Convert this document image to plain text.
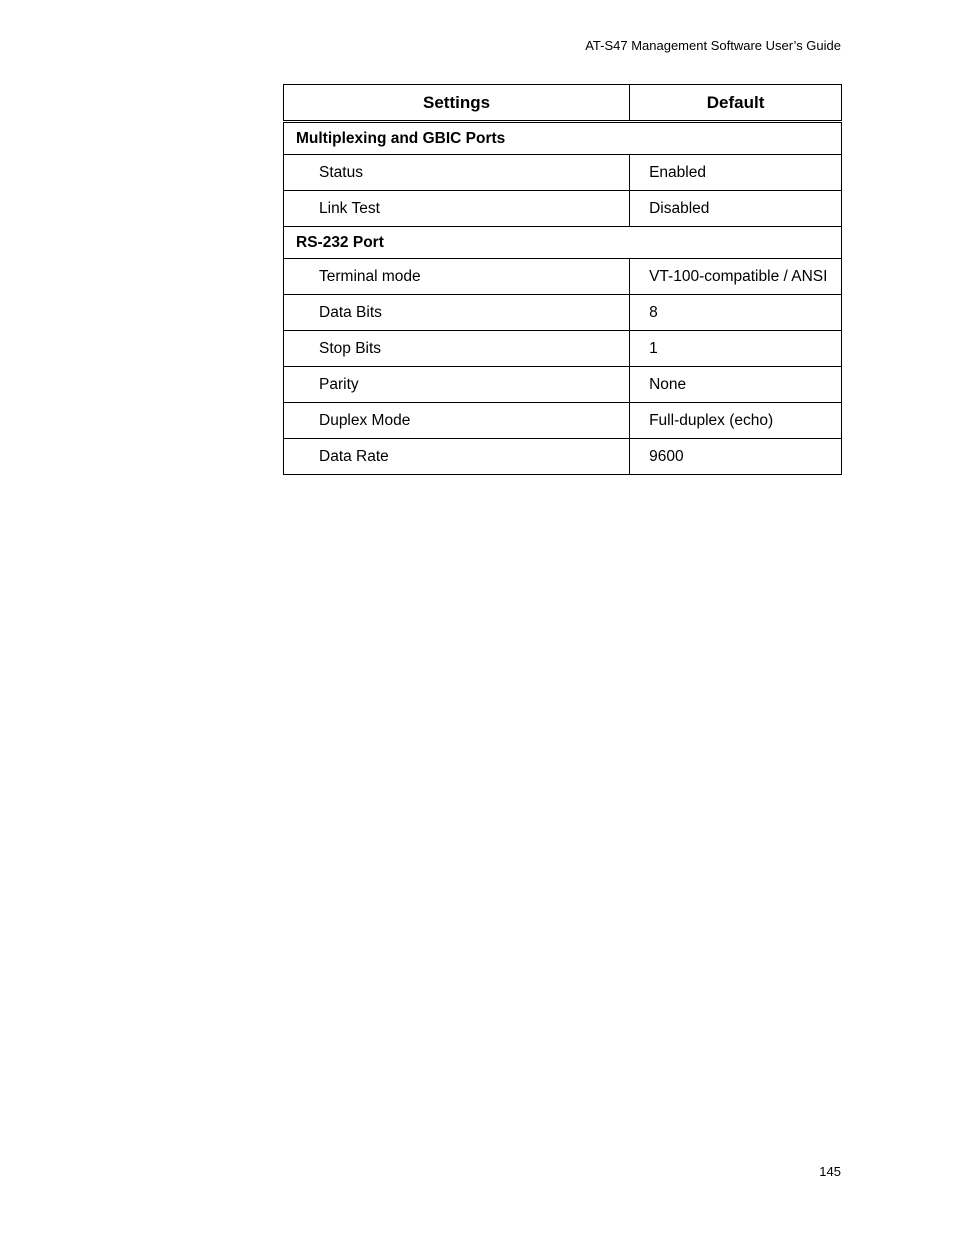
AT-S47 Management Software User’s Guide
Settings	Default
Multiplexing and GBIC Ports	
Status	Enabled
Link Test	Disabled
RS-232 Port	
Terminal mode	VT-100-compatible / ANSI
Data Bits	8
Stop Bits	1
Parity	None
Duplex Mode	Full-duplex (echo)
Data Rate	9600
145
